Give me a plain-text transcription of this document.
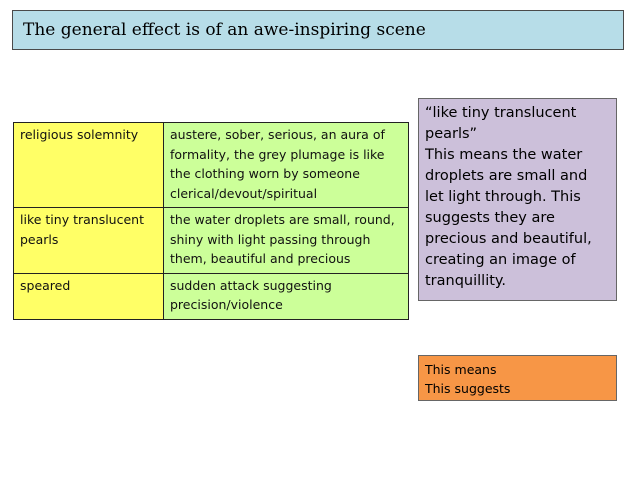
The general effect is of an awe-inspiring scene
religious solemnity	austere, sober, serious, an aura of formality, the grey plumage is like the clothing worn by someone clerical/devout/spiritual
like tiny translucent pearls	the water droplets are small, round, shiny with light passing through them, beautiful and precious
speared	sudden attack suggesting precision/violence
“like tiny translucent pearls”
This means the water droplets are small and let light through. This suggests they are precious and beautiful, creating an image of tranquillity.
This means
This suggests
